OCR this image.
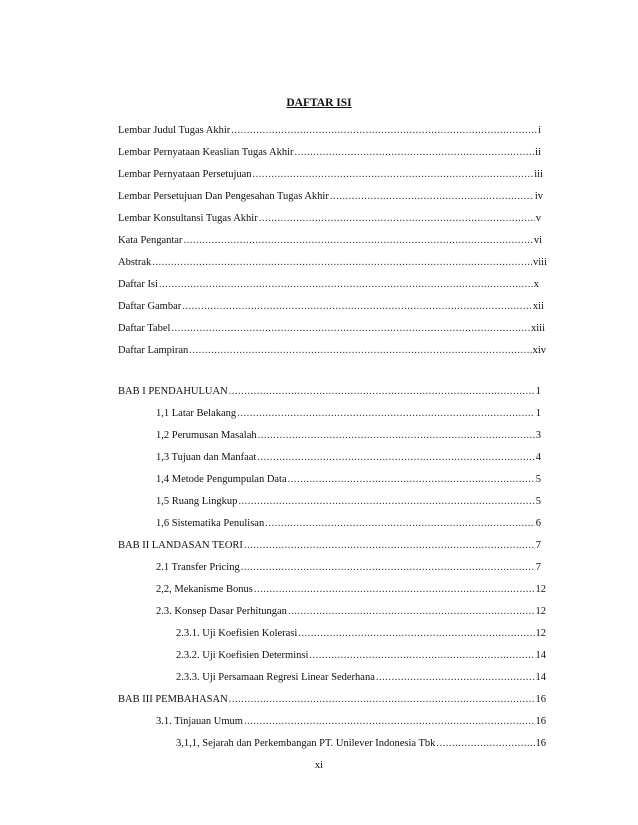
DAFTAR ISI
Lembar Judul Tugas Akhir .....	i
Lembar Pernyataan Keaslian Tugas Akhir .....	ii
Lembar Pernyataan Persetujuan .....	iii
Lembar Persetujuan Dan Pengesahan Tugas Akhir .....	iv
Lembar Konsultansi Tugas Akhir .....	v
Kata Pengantar .....	vi
Abstrak .....	viii
Daftar Isi .....	x
Daftar Gambar .....	xii
Daftar Tabel .....	xiii
Daftar Lampiran .....	xiv
BAB I PENDAHULUAN .....	1
1,1 Latar Belakang .....	1
1,2 Perumusan Masalah .....	3
1,3 Tujuan dan Manfaat .....	4
1,4 Metode Pengumpulan Data .....	5
1,5 Ruang Lingkup .....	5
1,6 Sistematika Penulisan .....	6
BAB II LANDASAN TEORI .....	7
2.1 Transfer Pricing .....	7
2,2, Mekanisme Bonus .....	12
2.3. Konsep Dasar Perhitungan .....	12
2.3.1. Uji Koefisien Kolerasi .....	12
2.3.2. Uji Koefisien Determinsi .....	14
2.3.3. Uji Persamaan Regresi Linear Sederhana .....	14
BAB III PEMBAHASAN .....	16
3.1. Tinjauan Umum .....	16
3,1,1, Sejarah dan Perkembangan PT. Unilever Indonesia Tbk .....	16
xi
